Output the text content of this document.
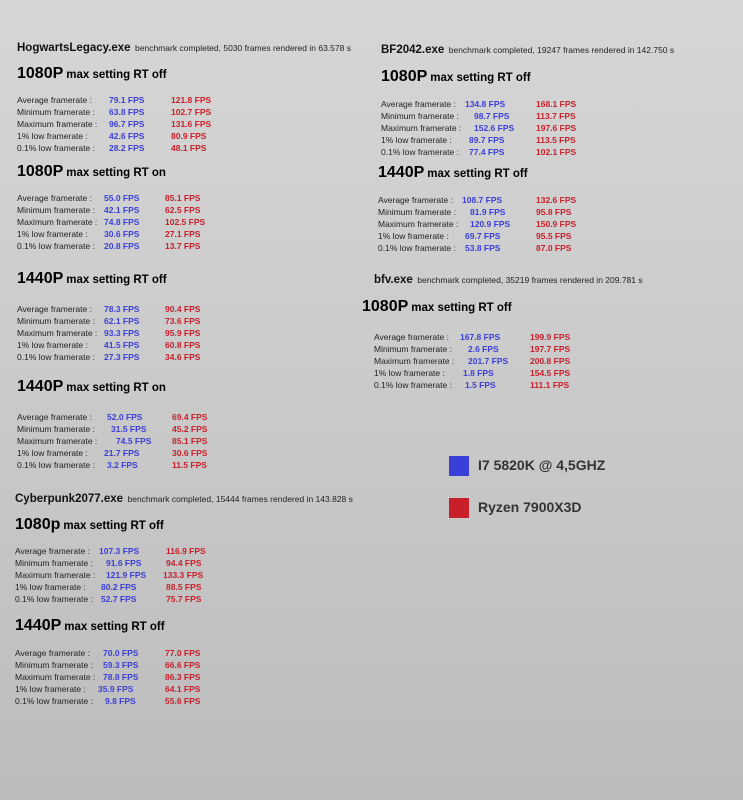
HogwartsLegacy.exe benchmark completed, 5030 frames rendered in 63.578 s
1080P max setting RT off
Average framerate : 79.1 FPS	121.8 FPS
Minimum framerate : 63.8 FPS	102.7 FPS
Maximum framerate : 96.7 FPS	131.6 FPS
1% low framerate : 42.6 FPS	80.9 FPS
0.1% low framerate : 28.2 FPS	48.1 FPS
1080P max setting RT on
Average framerate : 55.0 FPS	85.1 FPS
Minimum framerate : 42.1 FPS	62.5 FPS
Maximum framerate : 74.8 FPS	102.5 FPS
1% low framerate : 30.6 FPS	27.1 FPS
0.1% low framerate : 20.8 FPS	13.7 FPS
1440P max setting RT off
Average framerate : 78.3 FPS	90.4 FPS
Minimum framerate : 62.1 FPS	73.6 FPS
Maximum framerate : 93.3 FPS	95.9 FPS
1% low framerate : 41.5 FPS	60.8 FPS
0.1% low framerate : 27.3 FPS	34.6 FPS
1440P max setting RT on
Average framerate : 52.0 FPS	69.4 FPS
Minimum framerate : 31.5 FPS	45.2 FPS
Maximum framerate : 74.5 FPS 85.1 FPS
1% low framerate : 21.7 FPS	30.6 FPS
0.1% low framerate : 3.2 FPS	11.5 FPS
Cyberpunk2077.exe benchmark completed, 15444 frames rendered in 143.828 s
1080p max setting RT off
Average framerate : 107.3 FPS	116.9 FPS
Minimum framerate : 91.6 FPS	94.4 FPS
Maximum framerate : 121.9 FPS 133.3 FPS
1% low framerate : 80.2 FPS	88.5 FPS
0.1% low framerate : 52.7 FPS	75.7 FPS
1440P max setting RT off
Average framerate : 70.0 FPS	77.0 FPS
Minimum framerate : 59.3 FPS	66.6 FPS
Maximum framerate : 78.8 FPS	86.3 FPS
1% low framerate : 35.9 FPS	64.1 FPS
0.1% low framerate : 9.8 FPS	55.6 FPS
BF2042.exe benchmark completed, 19247 frames rendered in 142.750 s
1080P max setting RT off
Average framerate : 134.8 FPS	168.1 FPS
Minimum framerate : 98.7 FPS	113.7 FPS
Maximum framerate : 152.6 FPS	197.6 FPS
1% low framerate : 89.7 FPS	113.5 FPS
0.1% low framerate : 77.4 FPS	102.1 FPS
1440P max setting RT off
Average framerate : 108.7 FPS	132.6 FPS
Minimum framerate : 81.9 FPS	95.8 FPS
Maximum framerate : 120.9 FPS	150.9 FPS
1% low framerate : 69.7 FPS	95.5 FPS
0.1% low framerate : 53.8 FPS	87.0 FPS
bfv.exe benchmark completed, 35219 frames rendered in 209.781 s
1080P max setting RT off
Average framerate : 167.8 FPS	199.9 FPS
Minimum framerate : 2.6 FPS	197.7 FPS
Maximum framerate : 201.7 FPS	200.8 FPS
1% low framerate : 1.8 FPS	154.5 FPS
0.1% low framerate : 1.5 FPS	111.1 FPS
I7 5820K @ 4,5GHZ
Ryzen 7900X3D
